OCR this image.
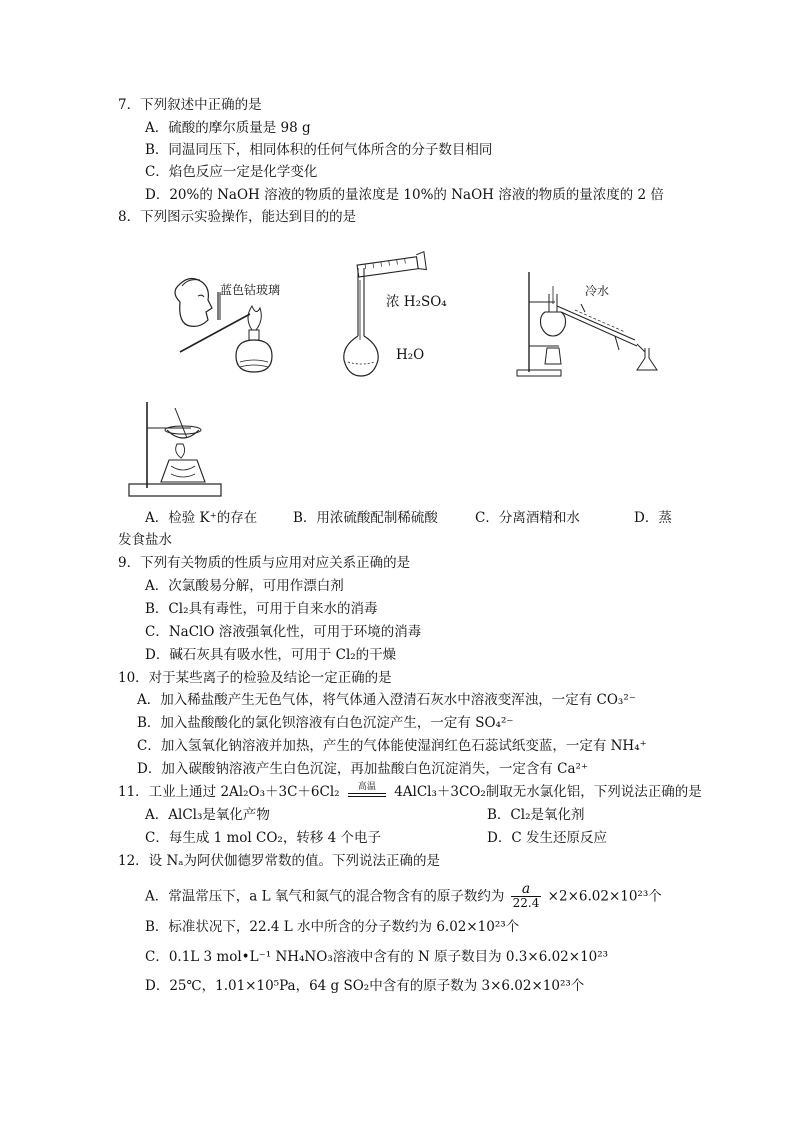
7．下列叙述中正确的是
A．硫酸的摩尔质量是 98 g
B．同温同压下，相同体积的任何气体所含的分子数目相同
C．焰色反应一定是化学变化
D．20%的 NaOH 溶液的物质的量浓度是 10%的 NaOH 溶液的物质的量浓度的 2 倍
8．下列图示实验操作，能达到目的的是
蓝色钴玻璃
浓 H₂SO₄
H₂O
冷水
A．检验 K⁺的存在	B．用浓硫酸配制稀硫酸	C．分离酒精和水	D．蒸
发食盐水
9．下列有关物质的性质与应用对应关系正确的是
A．次氯酸易分解，可用作漂白剂
B．Cl₂具有毒性，可用于自来水的消毒
C．NaClO 溶液强氧化性，可用于环境的消毒
D．碱石灰具有吸水性，可用于 Cl₂的干燥
10．对于某些离子的检验及结论一定正确的是
A．加入稀盐酸产生无色气体，将气体通入澄清石灰水中溶液变浑浊，一定有 CO₃²⁻
B．加入盐酸酸化的氯化钡溶液有白色沉淀产生，一定有 SO₄²⁻
C．加入氢氧化钠溶液并加热，产生的气体能使湿润红色石蕊试纸变蓝，一定有 NH₄⁺
D．加入碳酸钠溶液产生白色沉淀，再加盐酸白色沉淀消失，一定含有 Ca²⁺
11．工业上通过 2Al₂O₃＋3C＋6Cl₂	高温	4AlCl₃＋3CO₂制取无水氯化铝，下列说法正确的是
A．AlCl₃是氧化产物	B．Cl₂是氧化剂
C．每生成 1 mol CO₂，转移 4 个电子	D．C 发生还原反应
12．设 Nₐ为阿伏伽德罗常数的值。下列说法正确的是
A．常温常压下，a L 氧气和氮气的混合物含有的原子数约为 $\frac{a}{22.4} \times 2\times 6.02\times 10^{23}$个
B．标准状况下，22.4 L 水中所含的分子数约为 6.02×10²³个
C．0.1L 3 mol•L⁻¹ NH₄NO₃溶液中含有的 N 原子数目为 0.3×6.02×10²³
D．25℃，1.01×10⁵Pa，64 g SO₂中含有的原子数为 3×6.02×10²³个
